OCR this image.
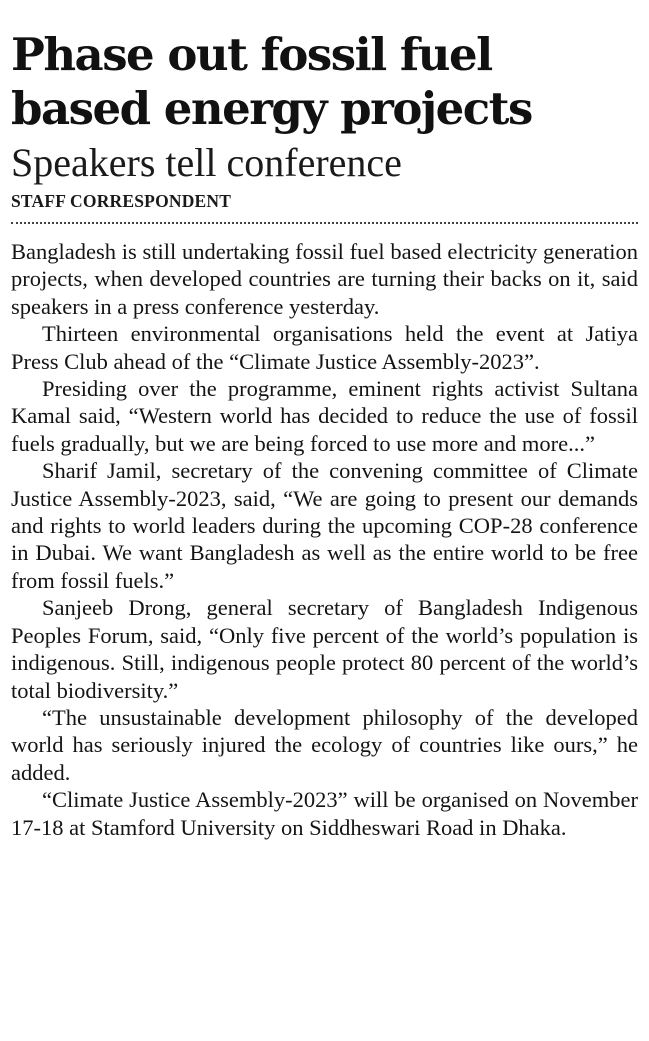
Phase out fossil fuel
based energy projects
Speakers tell conference
STAFF CORRESPONDENT

Bangladesh is still undertaking fossil fuel based electricity generation projects, when developed countries are turning their backs on it, said speakers in a press conference yesterday.

Thirteen environmental organisations held the event at Jatiya Press Club ahead of the “Climate Justice Assembly-2023”.

Presiding over the programme, eminent rights activist Sultana Kamal said, “Western world has decided to reduce the use of fossil fuels gradually, but we are being forced to use more and more...”

Sharif Jamil, secretary of the convening committee of Climate Justice Assembly-2023, said, “We are going to present our demands and rights to world leaders during the upcoming COP-28 conference in Dubai. We want Bangladesh as well as the entire world to be free from fossil fuels.”

Sanjeeb Drong, general secretary of Bangladesh Indigenous Peoples Forum, said, “Only five percent of the world’s population is indigenous. Still, indigenous people protect 80 percent of the world’s total biodiversity.”

“The unsustainable development philosophy of the developed world has seriously injured the ecology of countries like ours,” he added.

“Climate Justice Assembly-2023” will be organised on November 17-18 at Stamford University on Siddheswari Road in Dhaka.
